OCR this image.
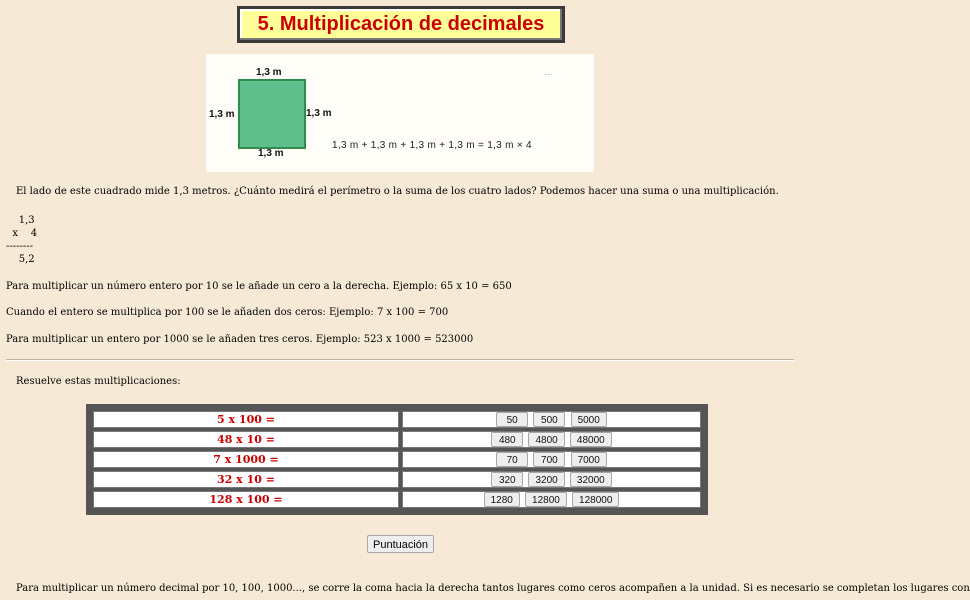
5. Multiplicación de decimales
1,3 m
1,3 m	1,3 m
1,3 m
1,3 m + 1,3 m + 1,3 m + 1,3 m = 1,3 m × 4
...
El lado de este cuadrado mide 1,3 metros. ¿Cuánto medirá el perímetro o la suma de los cuatro lados? Podemos hacer una suma o una multiplicación.
1,3
x    4
--------
5,2
Para multiplicar un número entero por 10 se le añade un cero a la derecha. Ejemplo: 65 x 10 = 650
Cuando el entero se multiplica por 100 se le añaden dos ceros: Ejemplo: 7 x 100 = 700
Para multiplicar un entero por 1000 se le añaden tres ceros. Ejemplo: 523 x 1000 = 523000
Resuelve estas multiplicaciones:
5 x 100 =	50 500 5000
48 x 10 =	480 4800 48000
7 x 1000 =	70 700 7000
32 x 10 =	320 3200 32000
128 x 100 =	1280 12800 128000
Puntuación
Para multiplicar un número decimal por 10, 100, 1000..., se corre la coma hacia la derecha tantos lugares como ceros acompañen a la unidad. Si es necesario se completan los lugares con
